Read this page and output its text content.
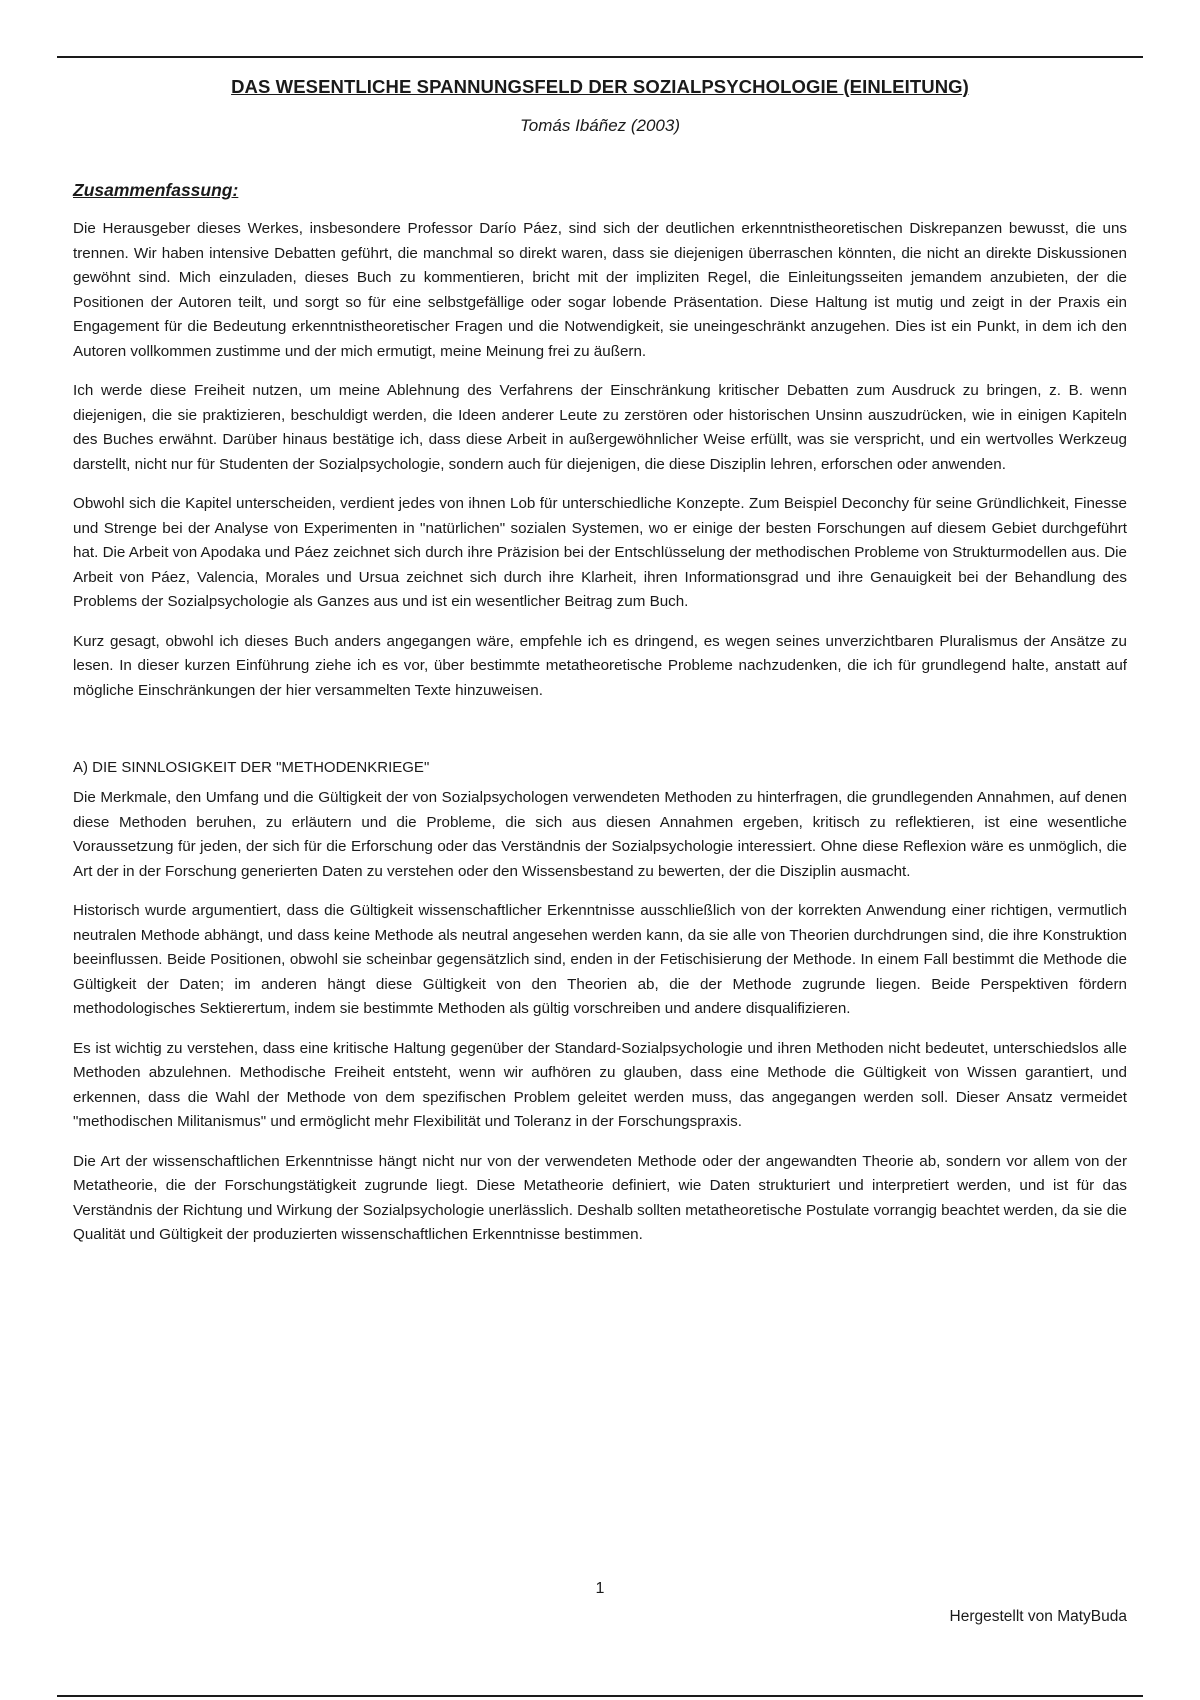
DAS WESENTLICHE SPANNUNGSFELD DER SOZIALPSYCHOLOGIE (EINLEITUNG)
Tomás Ibáñez (2003)
Zusammenfassung:

Die Herausgeber dieses Werkes, insbesondere Professor Darío Páez, sind sich der deutlichen erkenntnistheoretischen Diskrepanzen bewusst, die uns trennen. Wir haben intensive Debatten geführt, die manchmal so direkt waren, dass sie diejenigen überraschen könnten, die nicht an direkte Diskussionen gewöhnt sind. Mich einzuladen, dieses Buch zu kommentieren, bricht mit der impliziten Regel, die Einleitungsseiten jemandem anzubieten, der die Positionen der Autoren teilt, und sorgt so für eine selbstgefällige oder sogar lobende Präsentation. Diese Haltung ist mutig und zeigt in der Praxis ein Engagement für die Bedeutung erkenntnistheoretischer Fragen und die Notwendigkeit, sie uneingeschränkt anzugehen. Dies ist ein Punkt, in dem ich den Autoren vollkommen zustimme und der mich ermutigt, meine Meinung frei zu äußern.

Ich werde diese Freiheit nutzen, um meine Ablehnung des Verfahrens der Einschränkung kritischer Debatten zum Ausdruck zu bringen, z. B. wenn diejenigen, die sie praktizieren, beschuldigt werden, die Ideen anderer Leute zu zerstören oder historischen Unsinn auszudrücken, wie in einigen Kapiteln des Buches erwähnt. Darüber hinaus bestätige ich, dass diese Arbeit in außergewöhnlicher Weise erfüllt, was sie verspricht, und ein wertvolles Werkzeug darstellt, nicht nur für Studenten der Sozialpsychologie, sondern auch für diejenigen, die diese Disziplin lehren, erforschen oder anwenden.

Obwohl sich die Kapitel unterscheiden, verdient jedes von ihnen Lob für unterschiedliche Konzepte. Zum Beispiel Deconchy für seine Gründlichkeit, Finesse und Strenge bei der Analyse von Experimenten in "natürlichen" sozialen Systemen, wo er einige der besten Forschungen auf diesem Gebiet durchgeführt hat. Die Arbeit von Apodaka und Páez zeichnet sich durch ihre Präzision bei der Entschlüsselung der methodischen Probleme von Strukturmodellen aus. Die Arbeit von Páez, Valencia, Morales und Ursua zeichnet sich durch ihre Klarheit, ihren Informationsgrad und ihre Genauigkeit bei der Behandlung des Problems der Sozialpsychologie als Ganzes aus und ist ein wesentlicher Beitrag zum Buch.

Kurz gesagt, obwohl ich dieses Buch anders angegangen wäre, empfehle ich es dringend, es wegen seines unverzichtbaren Pluralismus der Ansätze zu lesen. In dieser kurzen Einführung ziehe ich es vor, über bestimmte metatheoretische Probleme nachzudenken, die ich für grundlegend halte, anstatt auf mögliche Einschränkungen der hier versammelten Texte hinzuweisen.

A) DIE SINNLOSIGKEIT DER "METHODENKRIEGE"

Die Merkmale, den Umfang und die Gültigkeit der von Sozialpsychologen verwendeten Methoden zu hinterfragen, die grundlegenden Annahmen, auf denen diese Methoden beruhen, zu erläutern und die Probleme, die sich aus diesen Annahmen ergeben, kritisch zu reflektieren, ist eine wesentliche Voraussetzung für jeden, der sich für die Erforschung oder das Verständnis der Sozialpsychologie interessiert. Ohne diese Reflexion wäre es unmöglich, die Art der in der Forschung generierten Daten zu verstehen oder den Wissensbestand zu bewerten, der die Disziplin ausmacht.

Historisch wurde argumentiert, dass die Gültigkeit wissenschaftlicher Erkenntnisse ausschließlich von der korrekten Anwendung einer richtigen, vermutlich neutralen Methode abhängt, und dass keine Methode als neutral angesehen werden kann, da sie alle von Theorien durchdrungen sind, die ihre Konstruktion beeinflussen. Beide Positionen, obwohl sie scheinbar gegensätzlich sind, enden in der Fetischisierung der Methode. In einem Fall bestimmt die Methode die Gültigkeit der Daten; im anderen hängt diese Gültigkeit von den Theorien ab, die der Methode zugrunde liegen. Beide Perspektiven fördern methodologisches Sektierertum, indem sie bestimmte Methoden als gültig vorschreiben und andere disqualifizieren.

Es ist wichtig zu verstehen, dass eine kritische Haltung gegenüber der Standard-Sozialpsychologie und ihren Methoden nicht bedeutet, unterschiedslos alle Methoden abzulehnen. Methodische Freiheit entsteht, wenn wir aufhören zu glauben, dass eine Methode die Gültigkeit von Wissen garantiert, und erkennen, dass die Wahl der Methode von dem spezifischen Problem geleitet werden muss, das angegangen werden soll. Dieser Ansatz vermeidet "methodischen Militanismus" und ermöglicht mehr Flexibilität und Toleranz in der Forschungspraxis.

Die Art der wissenschaftlichen Erkenntnisse hängt nicht nur von der verwendeten Methode oder der angewandten Theorie ab, sondern vor allem von der Metatheorie, die der Forschungstätigkeit zugrunde liegt. Diese Metatheorie definiert, wie Daten strukturiert und interpretiert werden, und ist für das Verständnis der Richtung und Wirkung der Sozialpsychologie unerlässlich. Deshalb sollten metatheoretische Postulate vorrangig beachtet werden, da sie die Qualität und Gültigkeit der produzierten wissenschaftlichen Erkenntnisse bestimmen.

1
Hergestellt von MatyBuda
